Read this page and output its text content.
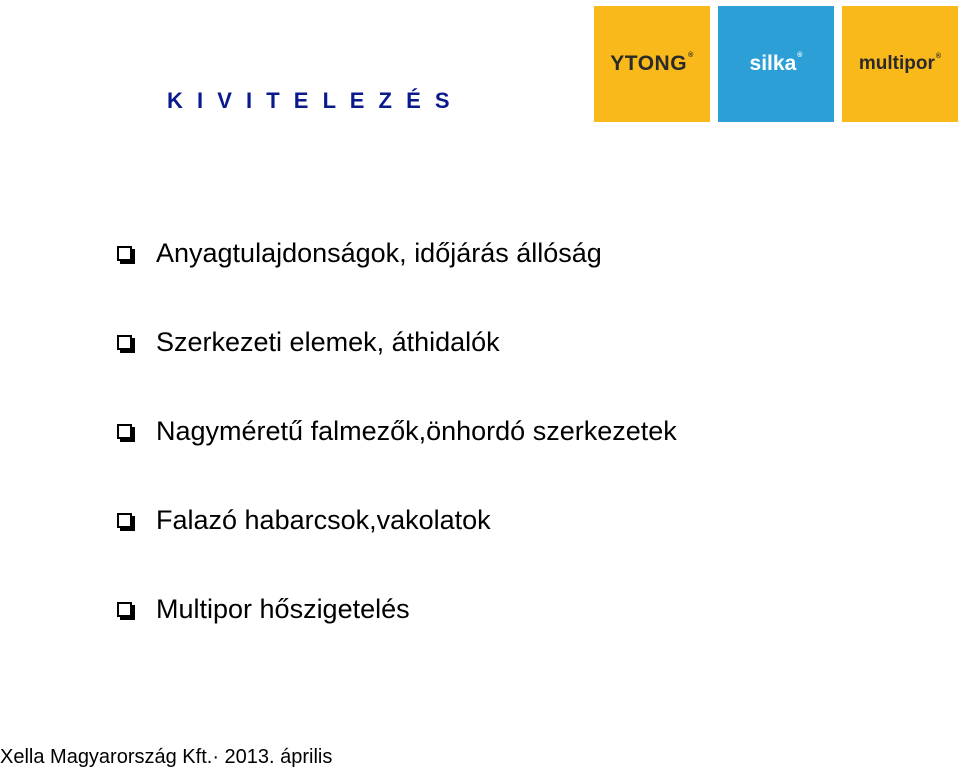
K I V I T E L E Z É S
YTONG®	silka®	multipor®
Anyagtulajdonságok, időjárás állóság
Szerkezeti elemek, áthidalók
Nagyméretű falmezők,önhordó szerkezetek
Falazó habarcsok,vakolatok
Multipor hőszigetelés
Xella Magyarország Kft.· 2013. április
